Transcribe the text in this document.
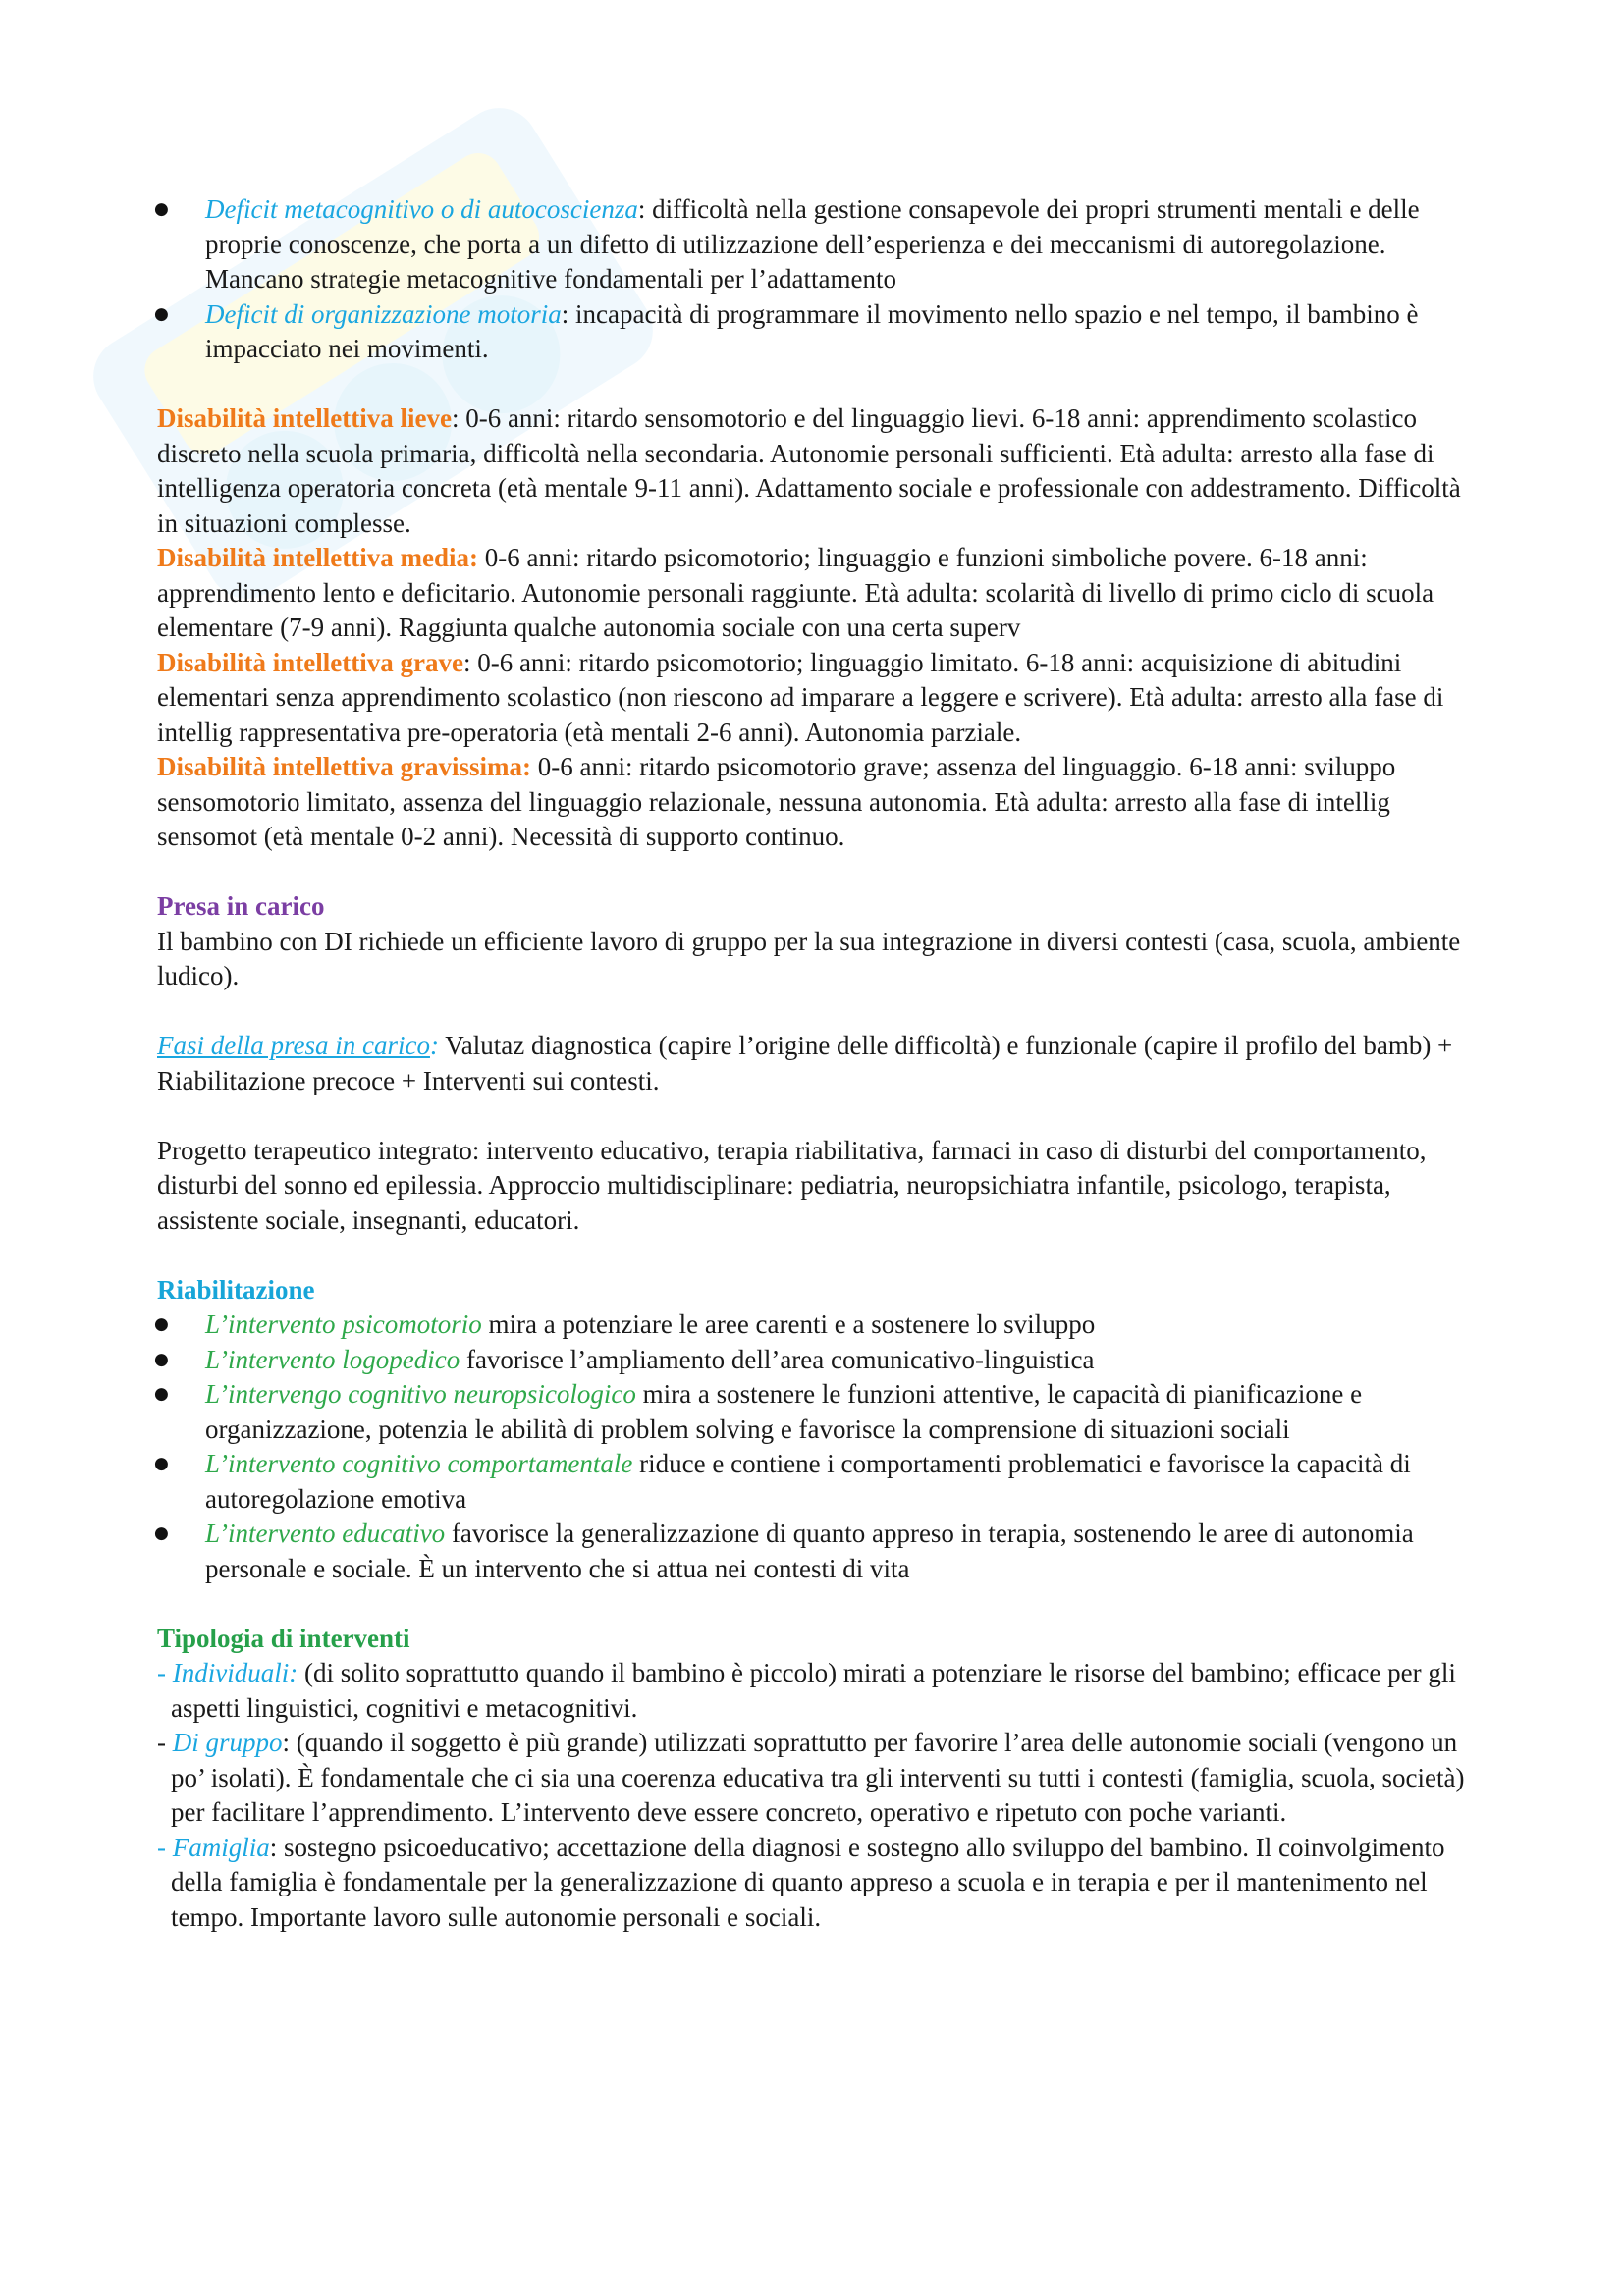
● Deficit metacognitivo o di autocoscienza: difficoltà nella gestione consapevole dei propri strumenti mentali e delle proprie conoscenze, che porta a un difetto di utilizzazione dell’esperienza e dei meccanismi di autoregolazione. Mancano strategie metacognitive fondamentali per l’adattamento
● Deficit di organizzazione motoria: incapacità di programmare il movimento nello spazio e nel tempo, il bambino è impacciato nei movimenti.

Disabilità intellettiva lieve: 0-6 anni: ritardo sensomotorio e del linguaggio lievi. 6-18 anni: apprendimento scolastico discreto nella scuola primaria, difficoltà nella secondaria. Autonomie personali sufficienti. Età adulta: arresto alla fase di intelligenza operatoria concreta (età mentale 9-11 anni). Adattamento sociale e professionale con addestramento. Difficoltà in situazioni complesse.

Disabilità intellettiva media: 0-6 anni: ritardo psicomotorio; linguaggio e funzioni simboliche povere. 6-18 anni: apprendimento lento e deficitario. Autonomie personali raggiunte. Età adulta: scolarità di livello di primo ciclo di scuola elementare (7-9 anni). Raggiunta qualche autonomia sociale con una certa superv

Disabilità intellettiva grave: 0-6 anni: ritardo psicomotorio; linguaggio limitato. 6-18 anni: acquisizione di abitudini elementari senza apprendimento scolastico (non riescono ad imparare a leggere e scrivere). Età adulta: arresto alla fase di intellig rappresentativa pre-operatoria (età mentali 2-6 anni). Autonomia parziale.

Disabilità intellettiva gravissima: 0-6 anni: ritardo psicomotorio grave; assenza del linguaggio. 6-18 anni: sviluppo sensomotorio limitato, assenza del linguaggio relazionale, nessuna autonomia. Età adulta: arresto alla fase di intellig sensomot (età mentale 0-2 anni). Necessità di supporto continuo.

Presa in carico

Il bambino con DI richiede un efficiente lavoro di gruppo per la sua integrazione in diversi contesti (casa, scuola, ambiente ludico).

Fasi della presa in carico: Valutaz diagnostica (capire l’origine delle difficoltà) e funzionale (capire il profilo del bamb) + Riabilitazione precoce + Interventi sui contesti.

Progetto terapeutico integrato: intervento educativo, terapia riabilitativa, farmaci in caso di disturbi del comportamento, disturbi del sonno ed epilessia. Approccio multidisciplinare: pediatria, neuropsichiatra infantile, psicologo, terapista, assistente sociale, insegnanti, educatori.

Riabilitazione

● L’intervento psicomotorio mira a potenziare le aree carenti e a sostenere lo sviluppo
● L’intervento logopedico favorisce l’ampliamento dell’area comunicativo-linguistica
● L’intervengo cognitivo neuropsicologico mira a sostenere le funzioni attentive, le capacità di pianificazione e organizzazione, potenzia le abilità di problem solving e favorisce la comprensione di situazioni sociali
● L’intervento cognitivo comportamentale riduce e contiene i comportamenti problematici e favorisce la capacità di autoregolazione emotiva
● L’intervento educativo favorisce la generalizzazione di quanto appreso in terapia, sostenendo le aree di autonomia personale e sociale. È un intervento che si attua nei contesti di vita

Tipologia di interventi

- Individuali: (di solito soprattutto quando il bambino è piccolo) mirati a potenziare le risorse del bambino; efficace per gli aspetti linguistici, cognitivi e metacognitivi.
- Di gruppo: (quando il soggetto è più grande) utilizzati soprattutto per favorire l’area delle autonomie sociali (vengono un po’ isolati). È fondamentale che ci sia una coerenza educativa tra gli interventi su tutti i contesti (famiglia, scuola, società) per facilitare l’apprendimento. L’intervento deve essere concreto, operativo e ripetuto con poche varianti.
- Famiglia: sostegno psicoeducativo; accettazione della diagnosi e sostegno allo sviluppo del bambino. Il coinvolgimento della famiglia è fondamentale per la generalizzazione di quanto appreso a scuola e in terapia e per il mantenimento nel tempo. Importante lavoro sulle autonomie personali e sociali.
